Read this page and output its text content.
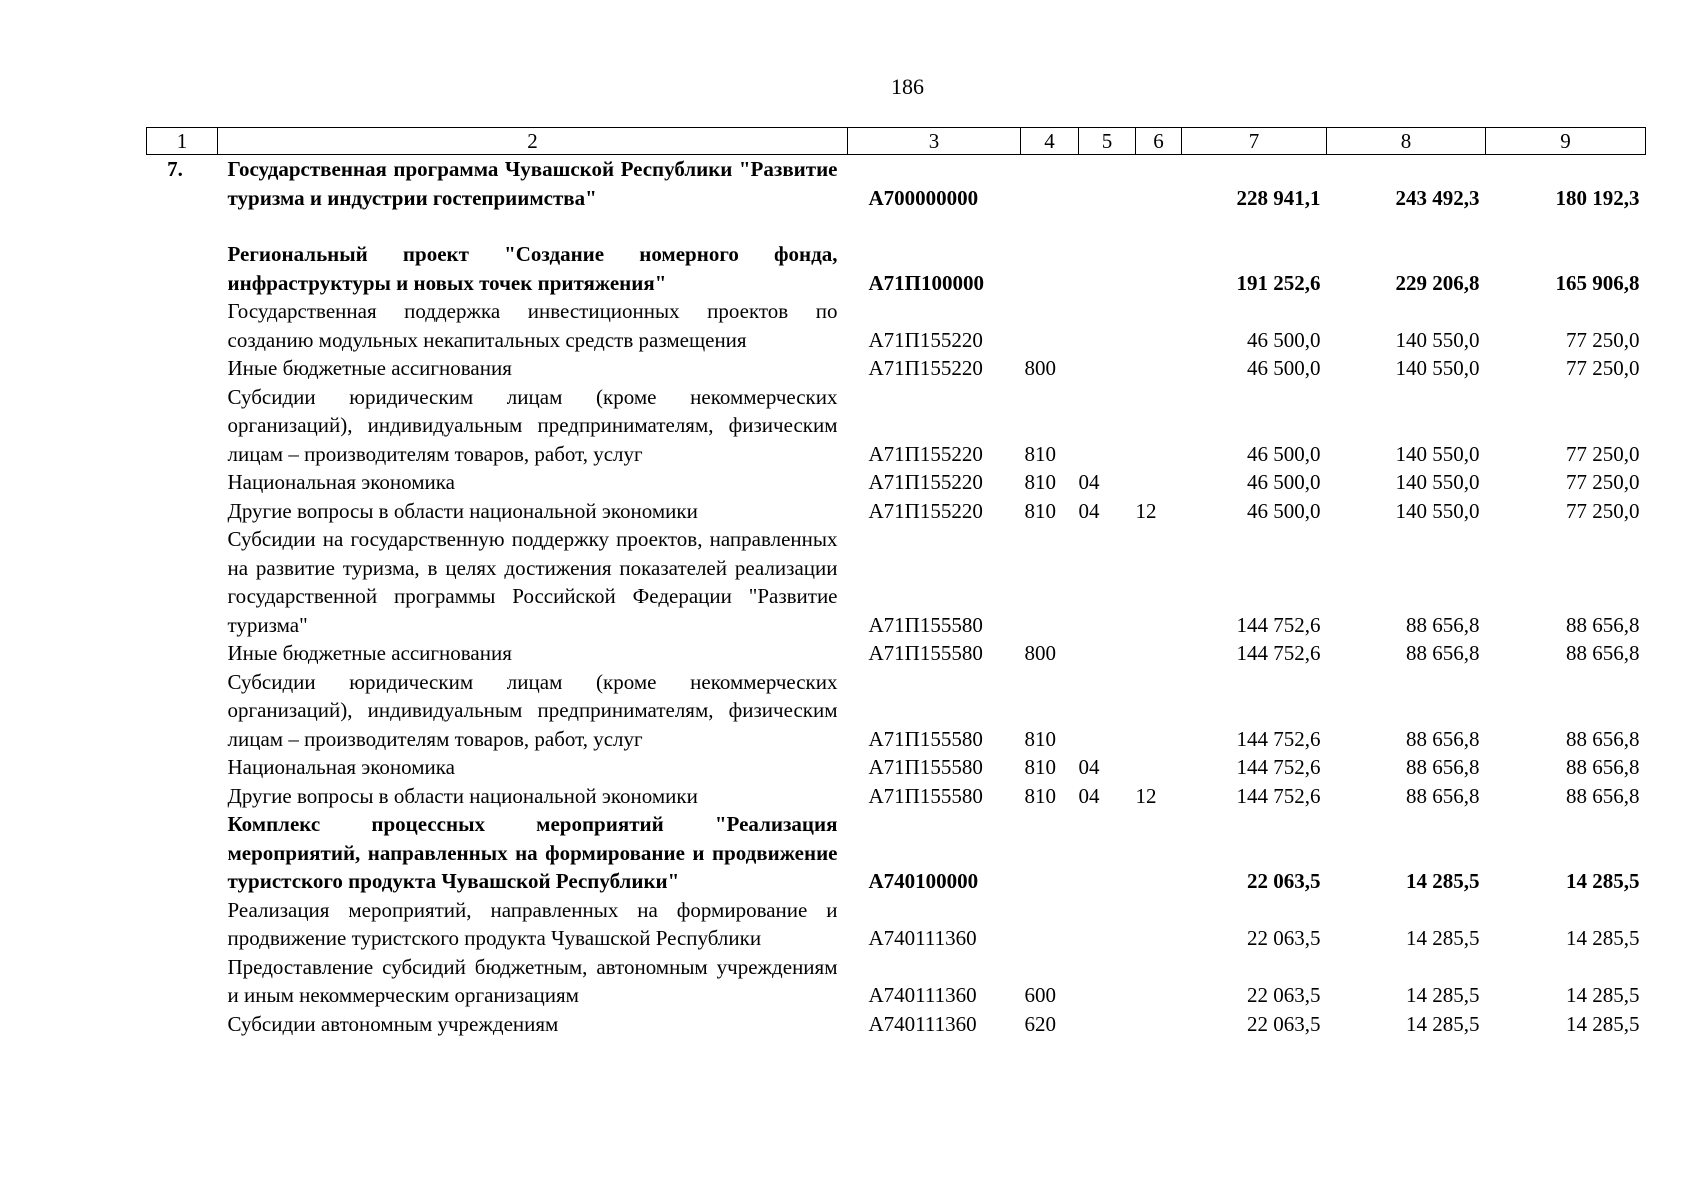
186
1	2	3	4	5	6	7	8	9
7.	Государственная программа Чувашской Республики "Развитие туризма и индустрии гостеприимства"	А700000000				228 941,1	243 492,3	180 192,3

	Региональный проект "Создание номерного фонда, инфраструктуры и новых точек притяжения"	А71П100000				191 252,6	229 206,8	165 906,8
	Государственная поддержка инвестиционных проектов по созданию модульных некапитальных средств размещения	А71П155220				46 500,0	140 550,0	77 250,0
	Иные бюджетные ассигнования	А71П155220	800			46 500,0	140 550,0	77 250,0
	Субсидии юридическим лицам (кроме некоммерческих организаций), индивидуальным предпринимателям, физическим лицам – производителям товаров, работ, услуг	А71П155220	810			46 500,0	140 550,0	77 250,0
	Национальная экономика	А71П155220	810	04		46 500,0	140 550,0	77 250,0
	Другие вопросы в области национальной экономики	А71П155220	810	04	12	46 500,0	140 550,0	77 250,0
	Субсидии на государственную поддержку проектов, направленных на развитие туризма, в целях достижения показателей реализации государственной программы Российской Федерации "Развитие туризма"	А71П155580				144 752,6	88 656,8	88 656,8
	Иные бюджетные ассигнования	А71П155580	800			144 752,6	88 656,8	88 656,8
	Субсидии юридическим лицам (кроме некоммерческих организаций), индивидуальным предпринимателям, физическим лицам – производителям товаров, работ, услуг	А71П155580	810			144 752,6	88 656,8	88 656,8
	Национальная экономика	А71П155580	810	04		144 752,6	88 656,8	88 656,8
	Другие вопросы в области национальной экономики	А71П155580	810	04	12	144 752,6	88 656,8	88 656,8
	Комплекс процессных мероприятий "Реализация мероприятий, направленных на формирование и продвижение туристского продукта Чувашской Республики"	А740100000				22 063,5	14 285,5	14 285,5
	Реализация мероприятий, направленных на формирование и продвижение туристского продукта Чувашской Республики	А740111360				22 063,5	14 285,5	14 285,5
	Предоставление субсидий бюджетным, автономным учреждениям и иным некоммерческим организациям	А740111360	600			22 063,5	14 285,5	14 285,5
	Субсидии автономным учреждениям	А740111360	620			22 063,5	14 285,5	14 285,5
